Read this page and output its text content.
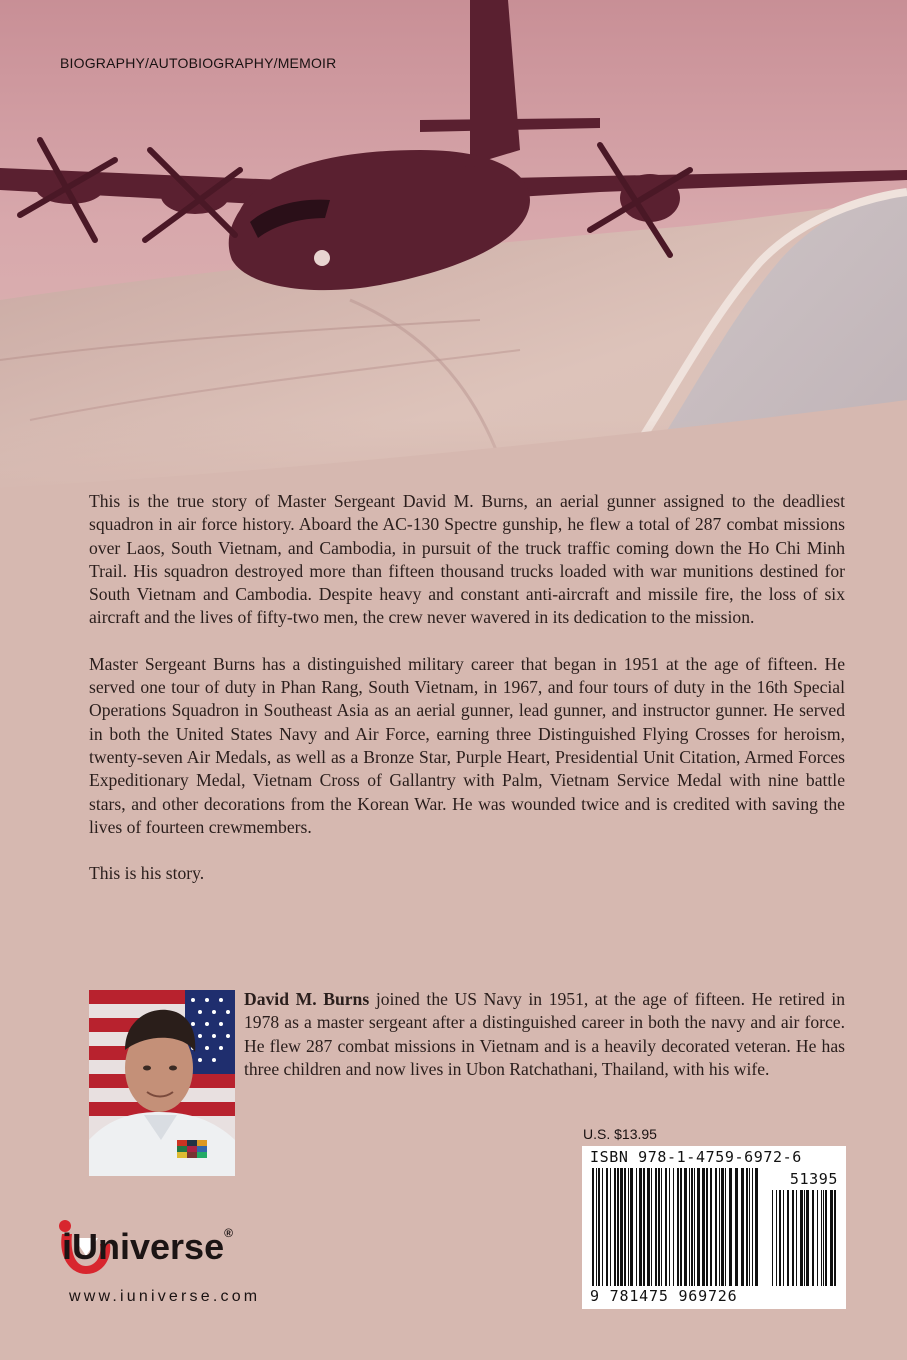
BIOGRAPHY/AUTOBIOGRAPHY/MEMOIR

This is the true story of Master Sergeant David M. Burns, an aerial gunner assigned to the deadliest squadron in air force history. Aboard the AC-130 Spectre gunship, he flew a total of 287 combat missions over Laos, South Vietnam, and Cambodia, in pursuit of the truck traffic coming down the Ho Chi Minh Trail. His squadron destroyed more than fifteen thousand trucks loaded with war munitions destined for South Vietnam and Cambodia. Despite heavy and constant anti-aircraft and missile fire, the loss of six aircraft and the lives of fifty-two men, the crew never wavered in its dedication to the mission.

Master Sergeant Burns has a distinguished military career that began in 1951 at the age of fifteen. He served one tour of duty in Phan Rang, South Vietnam, in 1967, and four tours of duty in the 16th Special Operations Squadron in Southeast Asia as an aerial gunner, lead gunner, and instructor gunner. He served in both the United States Navy and Air Force, earning three Distinguished Flying Crosses for heroism, twenty-seven Air Medals, as well as a Bronze Star, Purple Heart, Presidential Unit Citation, Armed Forces Expeditionary Medal, Vietnam Cross of Gallantry with Palm, Vietnam Service Medal with nine battle stars, and other decorations from the Korean War. He was wounded twice and is credited with saving the lives of fourteen crewmembers.

This is his story.

David M. Burns joined the US Navy in 1951, at the age of fifteen. He retired in 1978 as a master sergeant after a distinguished career in both the navy and air force. He flew 287 combat missions in Vietnam and is a heavily decorated veteran. He has three children and now lives in Ubon Ratchathani, Thailand, with his wife.
U.S. $13.95
ISBN 978-1-4759-6972-6
51395
9 781475 969726
iUniverse®
www.iuniverse.com
